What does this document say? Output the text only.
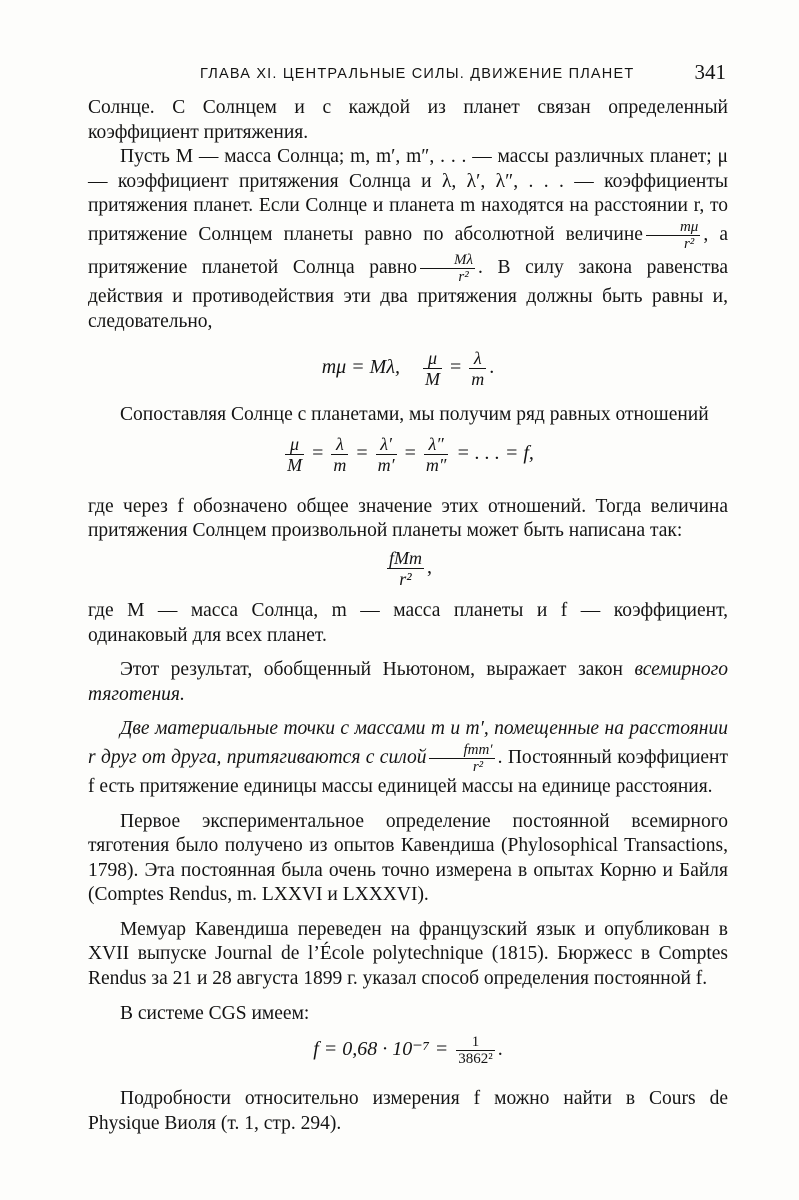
ГЛАВА XI. ЦЕНТРАЛЬНЫЕ СИЛЫ. ДВИЖЕНИЕ ПЛАНЕТ	341

Солнце. С Солнцем и с каждой из планет связан определенный коэффициент притяжения.

Пусть M — масса Солнца; m, m′, m″, . . . — массы различных планет; μ — коэффициент притяжения Солнца и λ, λ′, λ″, . . . — коэффициенты притяжения планет. Если Солнце и планета m находятся на расстоянии r, то притяжение Солнцем планеты равно по абсолютной величине $\frac{m\mu}{\text{r²}}$ , а притяжение планетой Солнца равно $\frac{M\lambda}{\text{r²}}$ . В силу закона равенства действия и противодействия эти два притяжения должны быть равны и, следовательно,

mμ = Mλ, $\frac{\mu}{M} = \frac{\lambda}{m}$ .

Сопоставляя Солнце с планетами, мы получим ряд равных отношений

$\frac{\mu}{M} = \frac{\lambda}{m} = \frac{\lambda'}{m'} = \frac{\lambda''}{m''}$ = . . . = f,

где через f обозначено общее значение этих отношений. Тогда величина притяжения Солнцем произвольной планеты может быть написана так:

$\frac{\text{fMm}}{\text{r²}}$ ,

где M — масса Солнца, m — масса планеты и f — коэффициент, одинаковый для всех планет.

Этот результат, обобщенный Ньютоном, выражает закон всемирного тяготения.

Две материальные точки с массами m и m′, помещенные на расстоянии r друг от друга, притягиваются с силой $\frac{\text{fmm′}}{\text{r²}}$ . Постоянный коэффициент f есть притяжение единицы массы единицей массы на единице расстояния.

Первое экспериментальное определение постоянной всемирного тяготения было получено из опытов Кавендиша (Phylosophical Transactions, 1798). Эта постоянная была очень точно измерена в опытах Корню и Байля (Comptes Rendus, m. LXXVI и LXXXVI).

Мемуар Кавендиша переведен на французский язык и опубликован в XVII выпуске Journal de l’École polytechnique (1815). Бюржесс в Comptes Rendus за 21 и 28 августа 1899 г. указал способ определения постоянной f.

В системе CGS имеем:

$f = 0,68 \cdot 10^{-7} = \frac{1}{\text{3862²}}$ .

Подробности относительно измерения f можно найти в Cours de Physique Виоля (т. 1, стр. 294).
